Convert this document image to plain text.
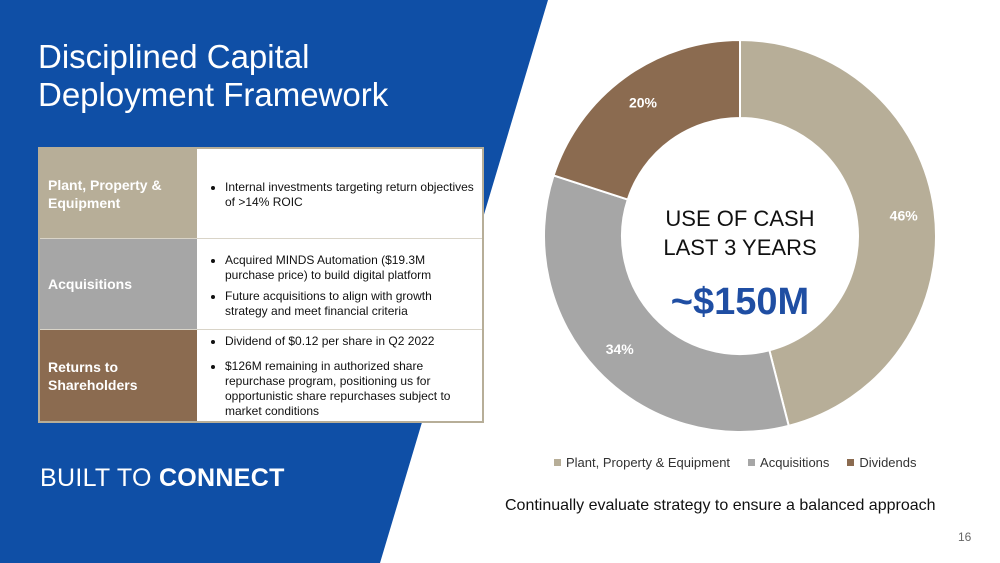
Disciplined Capital
Deployment Framework
Plant, Property & Equipment
• Internal investments targeting return objectives of >14% ROIC
Acquisitions
• Acquired MINDS Automation ($19.3M purchase price) to build digital platform
• Future acquisitions to align with growth strategy and meet financial criteria
Returns to Shareholders
• Dividend of $0.12 per share in Q2 2022
• $126M remaining in authorized share repurchase program, positioning us for opportunistic share repurchases subject to market conditions
BUILT TO CONNECT
46%
34%
20%
USE OF CASH
LAST 3 YEARS
~$150M
Plant, Property & Equipment Acquisitions Dividends
Continually evaluate strategy to ensure a balanced approach
16
